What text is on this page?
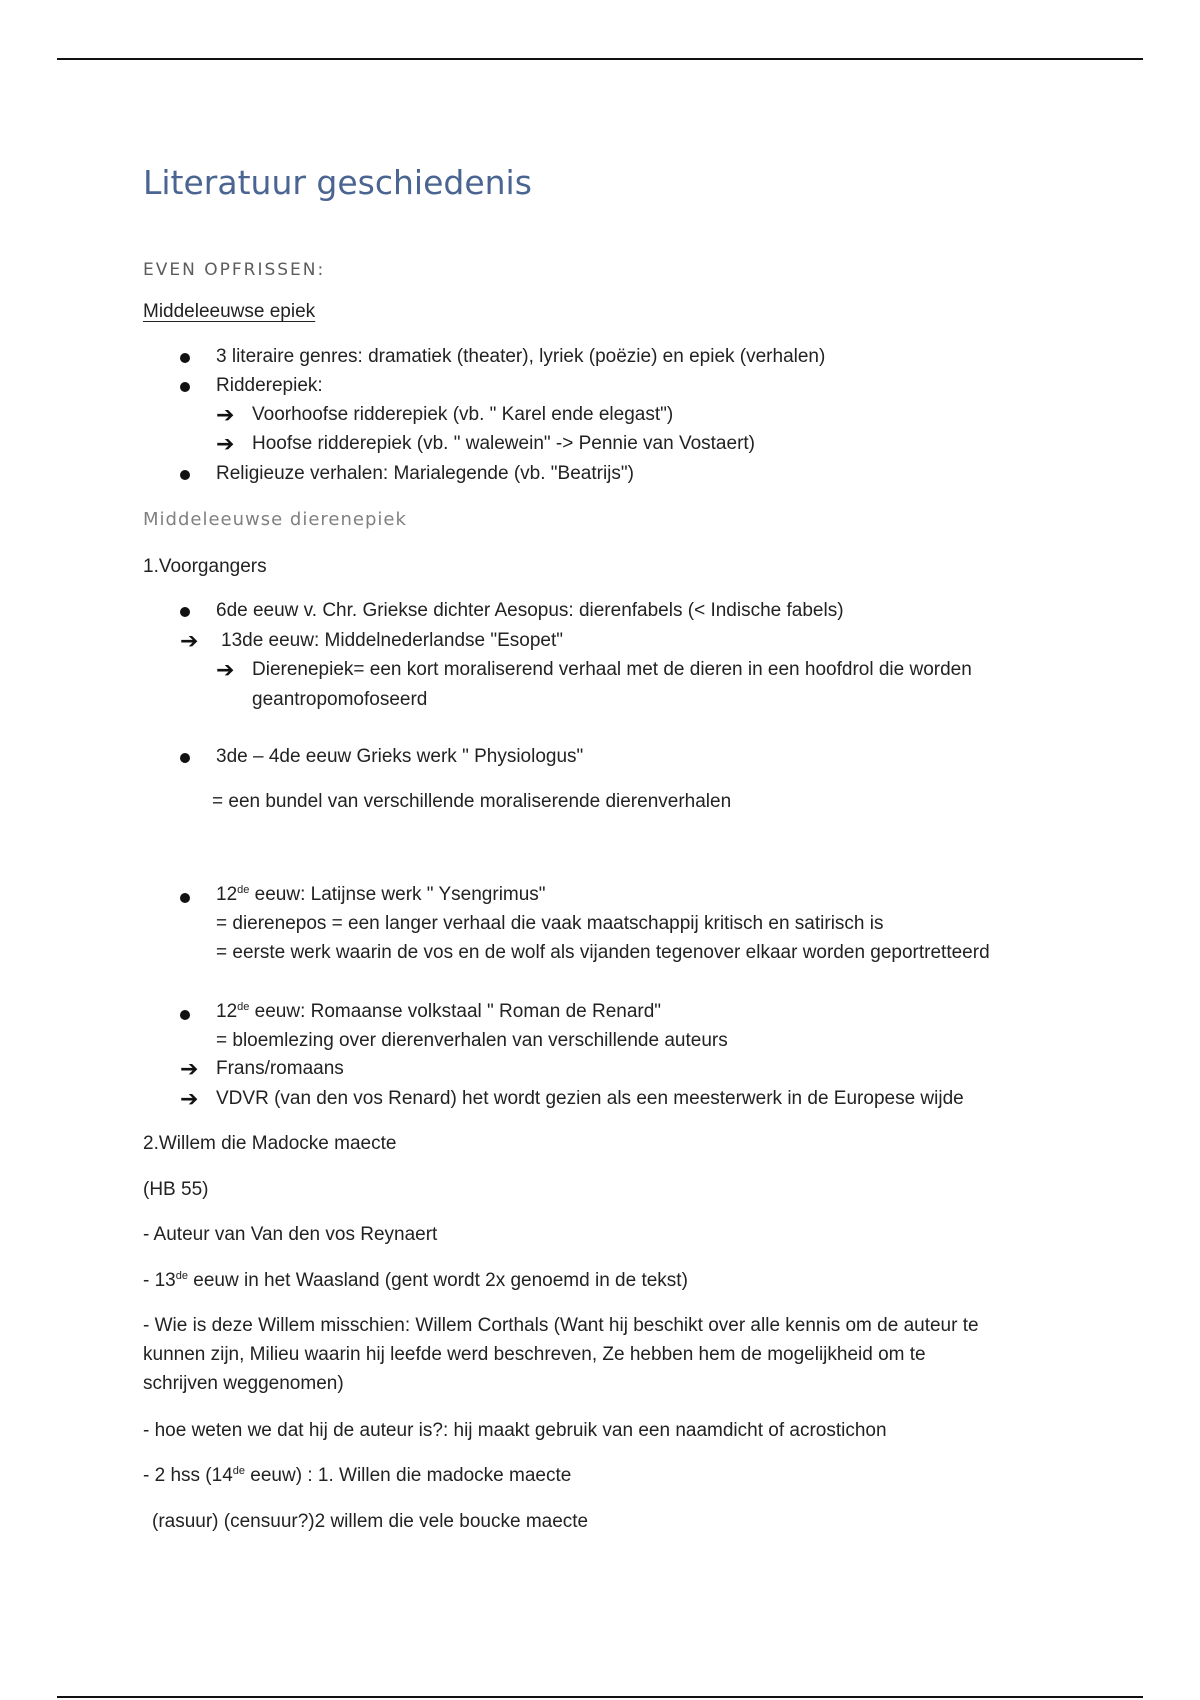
Literatuur geschiedenis
EVEN OPFRISSEN:
Middeleeuwse epiek
3 literaire genres: dramatiek (theater), lyriek (poëzie) en epiek (verhalen)
Ridderepiek:
➔ Voorhoofse ridderepiek (vb. " Karel ende elegast")
➔ Hoofse ridderepiek (vb. " walewein" -> Pennie van Vostaert)
Religieuze verhalen: Marialegende (vb. "Beatrijs")
Middeleeuwse dierenepiek
1.Voorgangers
6de eeuw v. Chr. Griekse dichter Aesopus: dierenfabels (< Indische fabels)
➔ 13de eeuw: Middelnederlandse "Esopet"
➔ Dierenepiek= een kort moraliserend verhaal met de dieren in een hoofdrol die worden
geantropomofoseerd
3de – 4de eeuw Grieks werk " Physiologus"
= een bundel van verschillende moraliserende dierenverhalen
12de eeuw: Latijnse werk " Ysengrimus"
= dierenepos = een langer verhaal die vaak maatschappij kritisch en satirisch is
= eerste werk waarin de vos en de wolf als vijanden tegenover elkaar worden geportretteerd
12de eeuw: Romaanse volkstaal " Roman de Renard"
= bloemlezing over dierenverhalen van verschillende auteurs
➔ Frans/romaans
➔ VDVR (van den vos Renard) het wordt gezien als een meesterwerk in de Europese wijde
2.Willem die Madocke maecte
(HB 55)
- Auteur van Van den vos Reynaert
- 13de eeuw in het Waasland (gent wordt 2x genoemd in de tekst)
- Wie is deze Willem misschien: Willem Corthals (Want hij beschikt over alle kennis om de auteur te
kunnen zijn, Milieu waarin hij leefde werd beschreven, Ze hebben hem de mogelijkheid om te
schrijven weggenomen)
- hoe weten we dat hij de auteur is?: hij maakt gebruik van een naamdicht of acrostichon
- 2 hss (14de eeuw) : 1. Willen die madocke maecte
(rasuur) (censuur?)2 willem die vele boucke maecte
